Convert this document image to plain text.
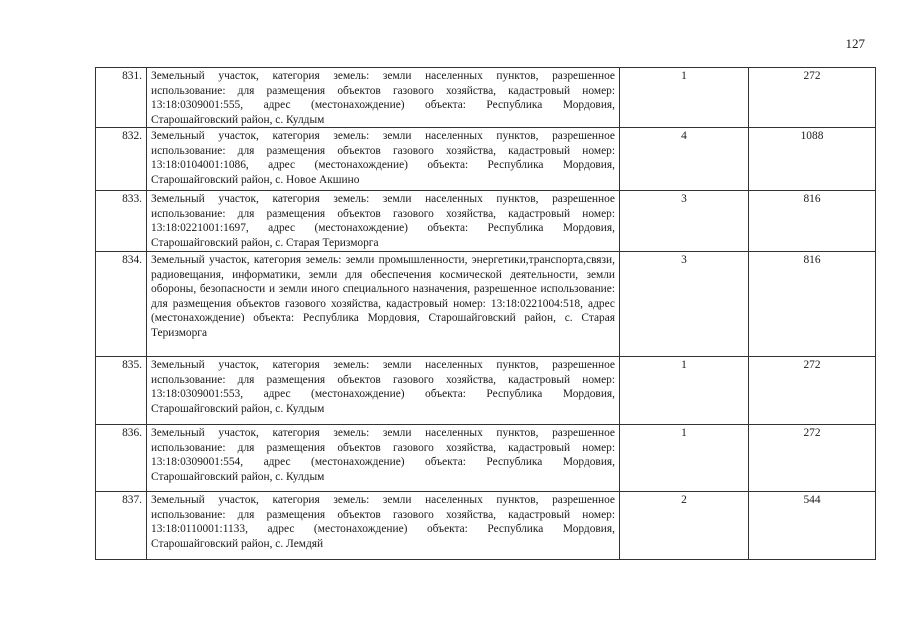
127
831.	Земельный участок, категория земель: земли населенных пунктов, разрешенное использование: для размещения объектов газового хозяйства, кадастровый номер: 13:18:0309001:555, адрес (местонахождение) объекта: Республика Мордовия, Старошайговский район, с. Кулдым	1	272
832.	Земельный участок, категория земель: земли населенных пунктов, разрешенное использование: для размещения объектов газового хозяйства, кадастровый номер: 13:18:0104001:1086, адрес (местонахождение) объекта: Республика Мордовия, Старошайговский район, с. Новое Акшино	4	1088
833.	Земельный участок, категория земель: земли населенных пунктов, разрешенное использование: для размещения объектов газового хозяйства, кадастровый номер: 13:18:0221001:1697, адрес (местонахождение) объекта: Республика Мордовия, Старошайговский район, с. Старая Теризморга	3	816
834.	Земельный участок, категория земель: земли промышленности, энергетики,транспорта,связи, радиовещания, информатики, земли для обеспечения космической деятельности, земли обороны, безопасности и земли иного специального назначения, разрешенное использование: для размещения объектов газового хозяйства, кадастровый номер: 13:18:0221004:518, адрес (местонахождение) объекта: Республика Мордовия, Старошайговский район, с. Старая Теризморга	3	816
835.	Земельный участок, категория земель: земли населенных пунктов, разрешенное использование: для размещения объектов газового хозяйства, кадастровый номер: 13:18:0309001:553, адрес (местонахождение) объекта: Республика Мордовия, Старошайговский район, с. Кулдым	1	272
836.	Земельный участок, категория земель: земли населенных пунктов, разрешенное использование: для размещения объектов газового хозяйства, кадастровый номер: 13:18:0309001:554, адрес (местонахождение) объекта: Республика Мордовия, Старошайговский район, с. Кулдым	1	272
837.	Земельный участок, категория земель: земли населенных пунктов, разрешенное использование: для размещения объектов газового хозяйства, кадастровый номер: 13:18:0110001:1133, адрес (местонахождение) объекта: Республика Мордовия, Старошайговский район, с. Лемдяй	2	544
